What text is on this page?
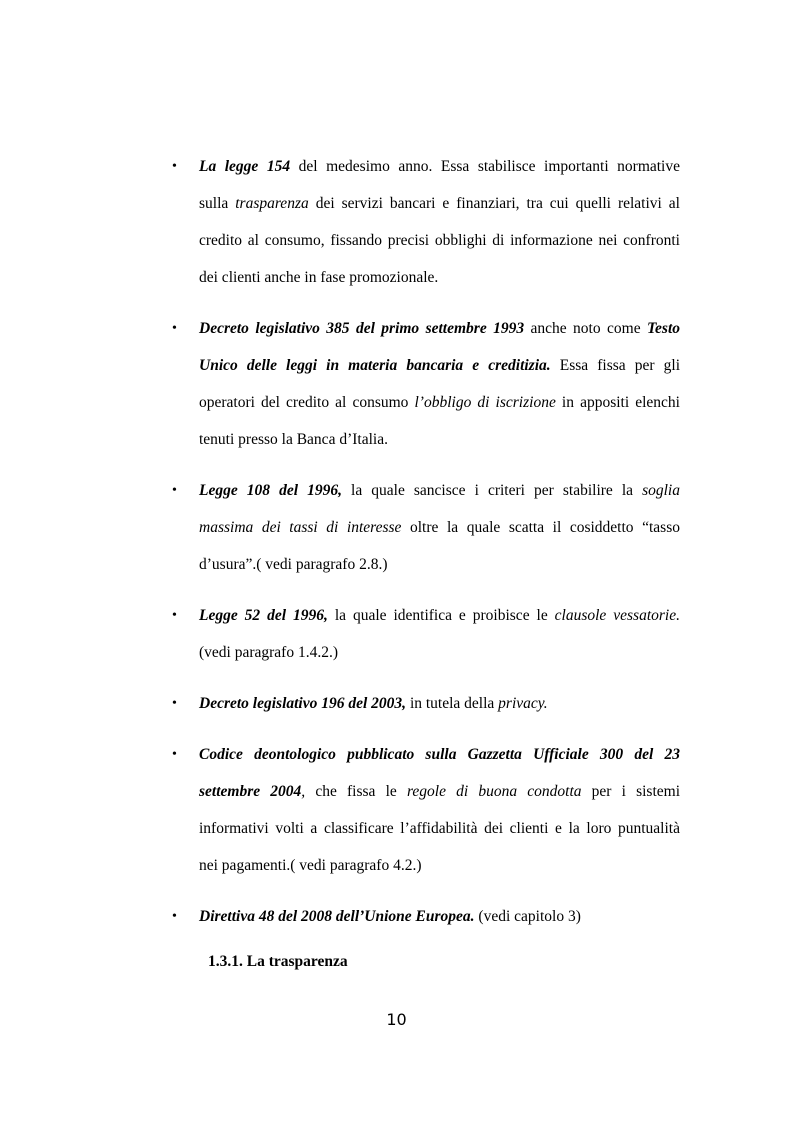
• La legge 154 del medesimo anno. Essa stabilisce importanti normative
sulla trasparenza dei servizi bancari e finanziari, tra cui quelli relativi al
credito al consumo, fissando precisi obblighi di informazione nei confronti
dei clienti anche in fase promozionale.
• Decreto legislativo 385 del primo settembre 1993 anche noto come Testo
Unico delle leggi in materia bancaria e creditizia. Essa fissa per gli
operatori del credito al consumo l’obbligo di iscrizione in appositi elenchi
tenuti presso la Banca d’Italia.
• Legge 108 del 1996, la quale sancisce i criteri per stabilire la soglia
massima dei tassi di interesse oltre la quale scatta il cosiddetto “tasso
d’usura”.( vedi paragrafo 2.8.)
• Legge 52 del 1996, la quale identifica e proibisce le clausole vessatorie.
(vedi paragrafo 1.4.2.)
• Decreto legislativo 196 del 2003, in tutela della privacy.
• Codice deontologico pubblicato sulla Gazzetta Ufficiale 300 del 23
settembre 2004, che fissa le regole di buona condotta per i sistemi
informativi volti a classificare l’affidabilità dei clienti e la loro puntualità
nei pagamenti.( vedi paragrafo 4.2.)
• Direttiva 48 del 2008 dell’Unione Europea. (vedi capitolo 3)
1.3.1. La trasparenza
10
